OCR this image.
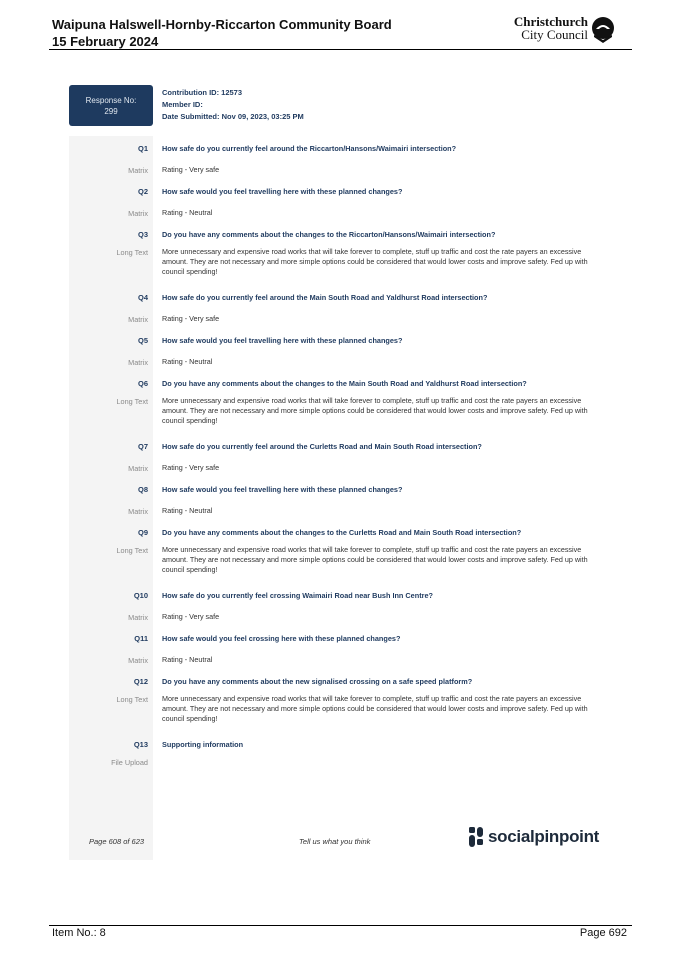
Waipuna Halswell-Hornby-Riccarton Community Board
15 February 2024
Christchurch
City Council
Response No:
299
Contribution ID: 12573
Member ID:
Date Submitted: Nov 09, 2023, 03:25 PM
Q1 How safe do you currently feel around the Riccarton/Hansons/Waimairi intersection?
Matrix Rating - Very safe
Q2 How safe would you feel travelling here with these planned changes?
Matrix Rating - Neutral
Q3 Do you have any comments about the changes to the Riccarton/Hansons/Waimairi intersection?
Long Text More unnecessary and expensive road works that will take forever to complete, stuff up traffic and cost the rate payers an excessive amount. They are not necessary and more simple options could be considered that would lower costs and improve safety. Fed up with council spending!
Q4 How safe do you currently feel around the Main South Road and Yaldhurst Road intersection?
Matrix Rating - Very safe
Q5 How safe would you feel travelling here with these planned changes?
Matrix Rating - Neutral
Q6 Do you have any comments about the changes to the Main South Road and Yaldhurst Road intersection?
Long Text More unnecessary and expensive road works that will take forever to complete, stuff up traffic and cost the rate payers an excessive amount. They are not necessary and more simple options could be considered that would lower costs and improve safety. Fed up with council spending!
Q7 How safe do you currently feel around the Curletts Road and Main South Road intersection?
Matrix Rating - Very safe
Q8 How safe would you feel travelling here with these planned changes?
Matrix Rating - Neutral
Q9 Do you have any comments about the changes to the Curletts Road and Main South Road intersection?
Long Text More unnecessary and expensive road works that will take forever to complete, stuff up traffic and cost the rate payers an excessive amount. They are not necessary and more simple options could be considered that would lower costs and improve safety. Fed up with council spending!
Q10 How safe do you currently feel crossing Waimairi Road near Bush Inn Centre?
Matrix Rating - Very safe
Q11 How safe would you feel crossing here with these planned changes?
Matrix Rating - Neutral
Q12 Do you have any comments about the new signalised crossing on a safe speed platform?
Long Text More unnecessary and expensive road works that will take forever to complete, stuff up traffic and cost the rate payers an excessive amount. They are not necessary and more simple options could be considered that would lower costs and improve safety. Fed up with council spending!
Q13 Supporting information
File Upload
Page 608 of 623	Tell us what you think	socialpinpoint
Item No.: 8	Page 692
